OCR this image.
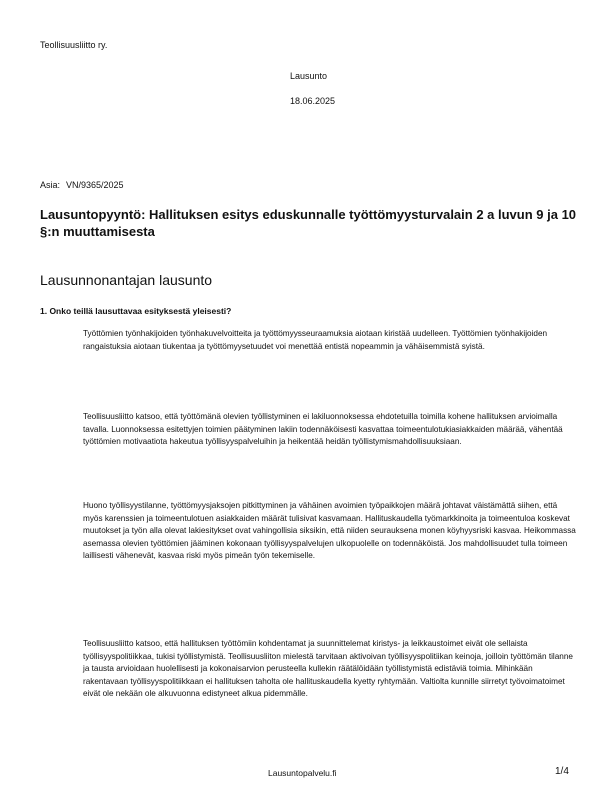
Teollisuusliitto ry.
Lausunto
18.06.2025
Asia: VN/9365/2025
Lausuntopyyntö: Hallituksen esitys eduskunnalle työttömyysturvalain 2 a luvun 9 ja 10 §:n muuttamisesta
Lausunnonantajan lausunto
1. Onko teillä lausuttavaa esityksestä yleisesti?

Työttömien työnhakijoiden työnhakuvelvoitteita ja työttömyysseuraamuksia aiotaan kiristää uudelleen. Työttömien työnhakijoiden rangaistuksia aiotaan tiukentaa ja työttömyysetuudet voi menettää entistä nopeammin ja vähäisemmistä syistä.

Teollisuusliitto katsoo, että työttömänä olevien työllistyminen ei lakiluonnoksessa ehdotetuilla toimilla kohene hallituksen arvioimalla tavalla. Luonnoksessa esitettyjen toimien päätyminen lakiin todennäköisesti kasvattaa toimeentulotukiasiakkaiden määrää, vähentää työttömien motivaatiota hakeutua työllisyyspalveluihin ja heikentää heidän työllistymismahdollisuuksiaan.

Huono työllisyystilanne, työttömyysjaksojen pitkittyminen ja vähäinen avoimien työpaikkojen määrä johtavat väistämättä siihen, että myös karenssien ja toimeentulotuen asiakkaiden määrät tulisivat kasvamaan. Hallituskaudella työmarkkinoita ja toimeentuloa koskevat muutokset ja työn alla olevat lakiesitykset ovat vahingollisia siksikin, että niiden seurauksena monen köyhyysriski kasvaa. Heikommassa asemassa olevien työttömien jääminen kokonaan työllisyyspalvelujen ulkopuolelle on todennäköistä. Jos mahdollisuudet tulla toimeen laillisesti vähenevät, kasvaa riski myös pimeän työn tekemiselle.

Teollisuusliitto katsoo, että hallituksen työttömiin kohdentamat ja suunnittelemat kiristys- ja leikkaustoimet eivät ole sellaista työllisyyspolitiikkaa, tukisi työllistymistä. Teollisuusliiton mielestä tarvitaan aktivoivan työllisyyspolitiikan keinoja, joilloin työttömän tilanne ja tausta arvioidaan huolellisesti ja kokonaisarvion perusteella kullekin räätälöidään työllistymistä edistäviä toimia. Mihinkään rakentavaan työllisyyspolitiikkaan ei hallituksen taholta ole hallituskaudella kyetty ryhtymään. Valtiolta kunnille siirretyt työvoimatoimet eivät ole nekään ole alkuvuonna edistyneet alkua pidemmälle.

Lausuntopalvelu.fi	1/4
